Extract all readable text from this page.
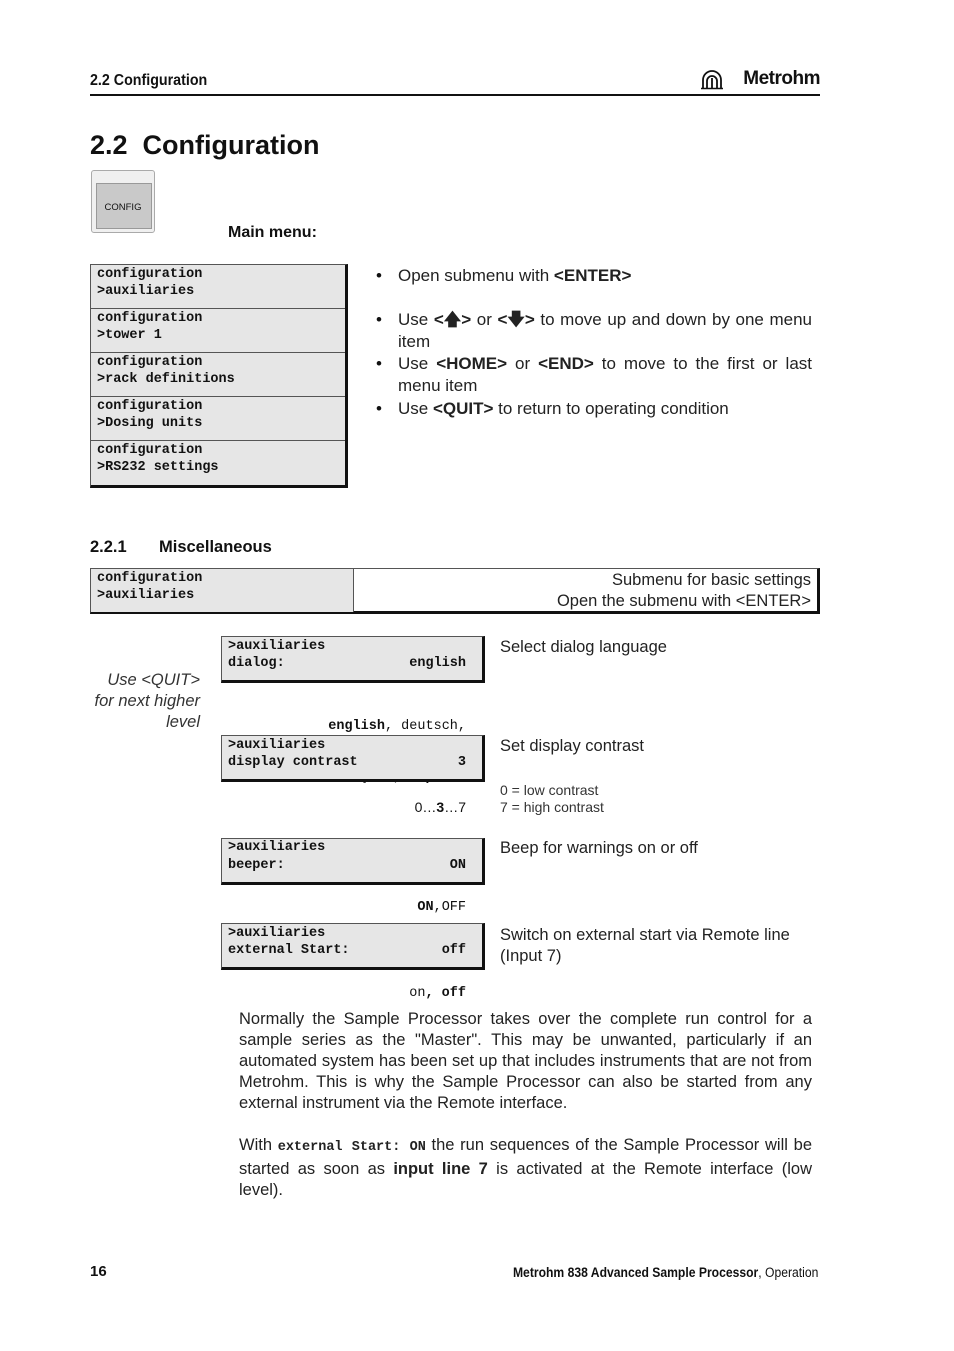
2.2 Configuration	Metrohm
2.2  Configuration
CONFIG
Main menu:
configuration
>auxiliaries
configuration
>tower 1
configuration
>rack definitions
configuration
>Dosing units
configuration
>RS232 settings
• Open submenu with <ENTER>
• Use <🡅> or <🡇> to move up and down by one menu item
• Use <HOME> or <END> to move to the first or last menu item
• Use <QUIT> to return to operating condition
2.2.1 Miscellaneous
configuration
>auxiliaries
Submenu for basic settings
Open the submenu with <ENTER>
Use <QUIT>
for next higher
level
>auxiliaries
dialog:	english

english, deutsch,

Select dialog language
>auxiliaries
display contrast	3

0…3…7

Set display contrast
0 = low contrast
7 = high contrast
>auxiliaries
beeper:	ON

ON,OFF

Beep for warnings on or off
>auxiliaries
external Start:	off

on, off

Switch on external start via Remote line (Input 7)
Normally the Sample Processor takes over the complete run control for a sample series as the "Master". This may be unwanted, particularly if an automated system has been set up that includes instruments that are not from Metrohm. This is why the Sample Processor can also be started from any external instrument via the Remote interface.
With external Start: ON the run sequences of the Sample Processor will be started as soon as input line 7 is activated at the Remote interface (low level).
16	Metrohm 838 Advanced Sample Processor, Operation
